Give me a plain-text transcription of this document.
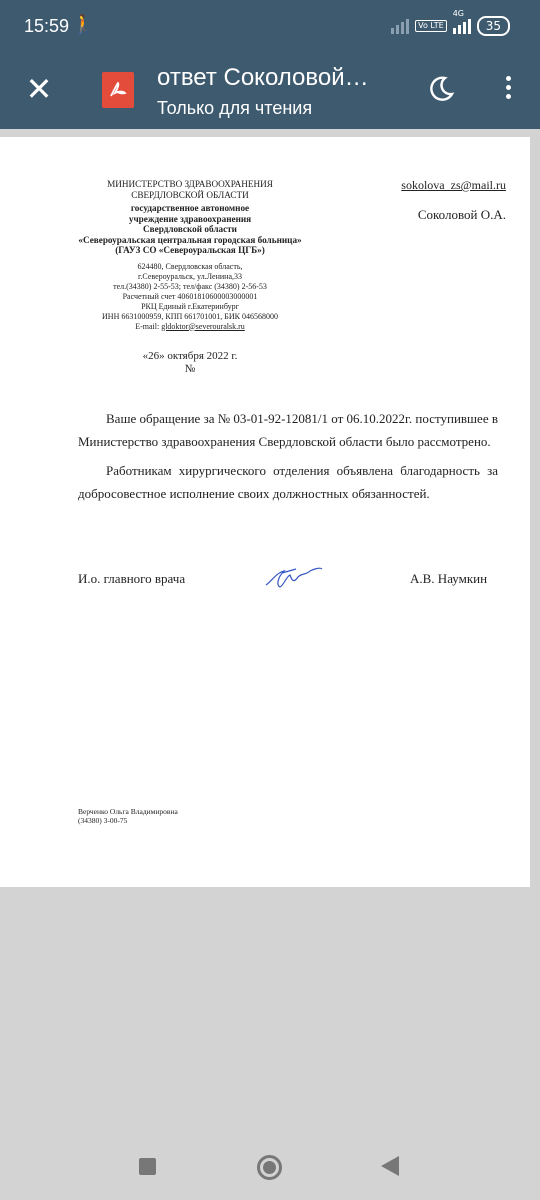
15:59 🚶	Vo LTE
4G
35
✕	ответ Соколовой…
Только для чтения
МИНИСТЕРСТВО ЗДРАВООХРАНЕНИЯ
СВЕРДЛОВСКОЙ ОБЛАСТИ
государственное автономное
учреждение здравоохранения
Свердловской области
«Североуральская центральная городская больница»
(ГАУЗ СО «Североуральская ЦГБ»)
624480, Свердловская область,
г.Североуральск, ул.Ленина,33
тел.(34380) 2-55-53; тел/факс (34380) 2-56-53
Расчетный счет 40601810600003000001
РКЦ Единый г.Екатеринбург
ИНН 6631000959, КПП 661701001, БИК 046568000
E-mail: gldoktor@severouralsk.ru
«26» октября 2022 г.
№
sokolova_zs@mail.ru
Соколовой О.А.

Ваше обращение за № 03-01-92-12081/1 от 06.10.2022г. поступившее в Министерство здравоохранения Свердловской области было рассмотрено.

Работникам хирургического отделения объявлена благодарность за добросовестное исполнение своих должностных обязанностей.

И.о. главного врача	А.В. Наумкин
Верченко Ольга Владимировна
(34380) 3-00-75
